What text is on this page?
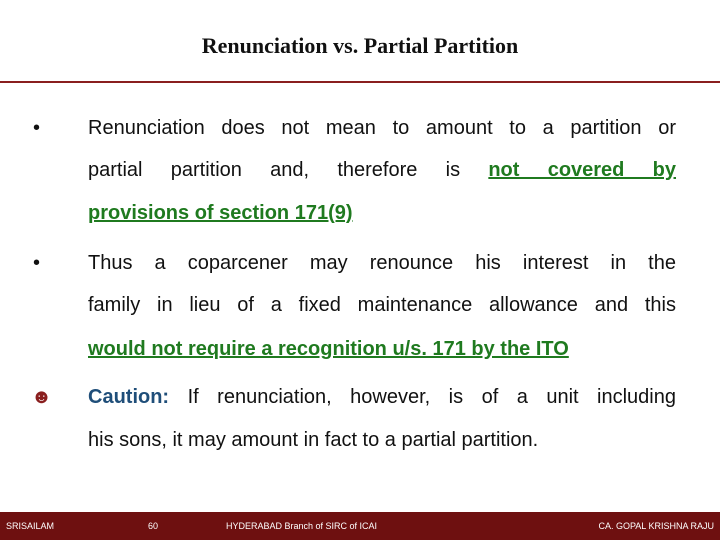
Renunciation vs. Partial Partition
• Renunciation does not mean to amount to a partition or
partial partition and, therefore is not covered by
provisions of section 171(9)
• Thus a coparcener may renounce his interest in the
family in lieu of a fixed maintenance allowance and this
would not require a recognition u/s. 171 by the ITO
☻ Caution: If renunciation, however, is of a unit including
his sons, it may amount in fact to a partial partition.
SRISAILAM	60	HYDERABAD Branch of SIRC of ICAI	CA. GOPAL KRISHNA RAJU
